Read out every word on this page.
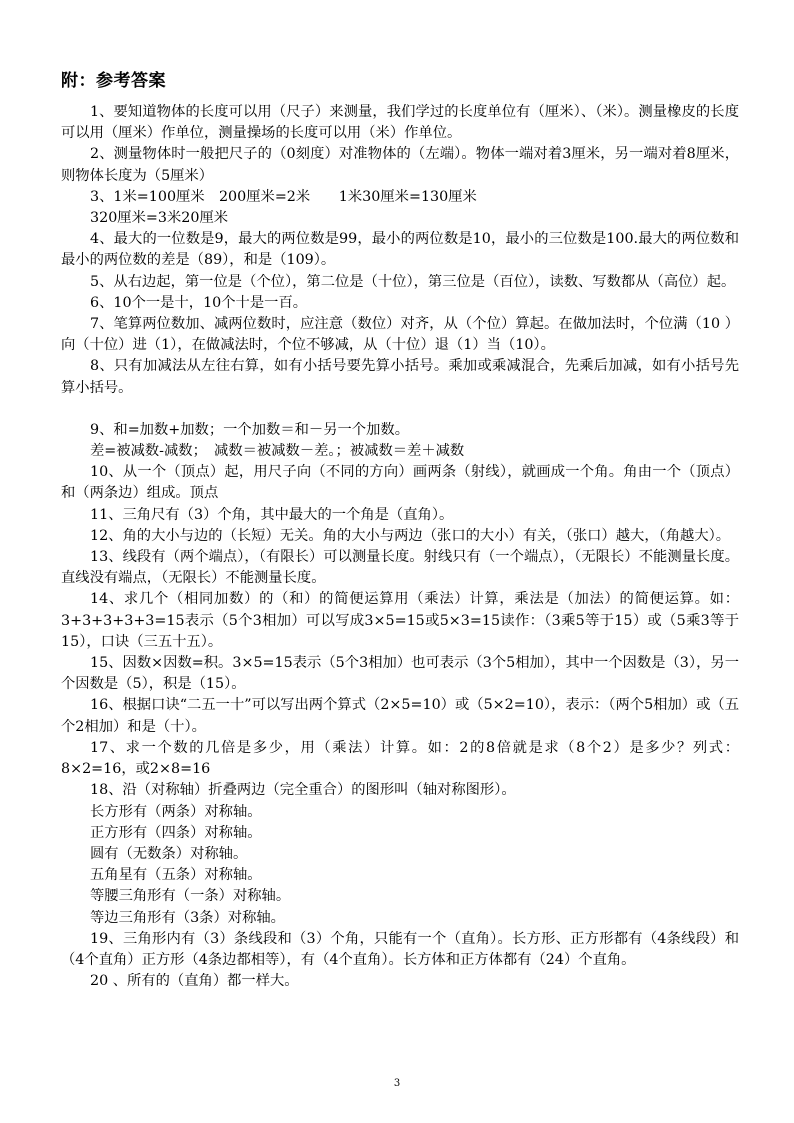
附：参考答案

1、要知道物体的长度可以用（尺子）来测量，我们学过的长度单位有（厘米）、（米）。测量橡皮的长度可以用（厘米）作单位，测量操场的长度可以用（米）作单位。

2、测量物体时一般把尺子的（0刻度）对准物体的（左端）。物体一端对着3厘米，另一端对着8厘米，则物体长度为（5厘米）

3、1米=100厘米　200厘米=2米　　1米30厘米=130厘米

320厘米=3米20厘米

4、最大的一位数是9，最大的两位数是99，最小的两位数是10，最小的三位数是100.最大的两位数和最小的两位数的差是（89），和是（109）。

5、从右边起，第一位是（个位），第二位是（十位），第三位是（百位），读数、写数都从（高位）起。

6、10个一是十，10个十是一百。

7、笔算两位数加、减两位数时，应注意（数位）对齐，从（个位）算起。在做加法时，个位满（10 ）向（十位）进（1），在做减法时，个位不够减，从（十位）退（1）当（10）。

8、只有加减法从左往右算，如有小括号要先算小括号。乘加或乘减混合，先乘后加减，如有小括号先算小括号。

9、和=加数+加数；一个加数＝和－另一个加数。

差=被减数-减数；　减数＝被减数－差。；被减数＝差＋减数

10、从一个（顶点）起，用尺子向（不同的方向）画两条（射线），就画成一个角。角由一个（顶点）和（两条边）组成。顶点

11、三角尺有（3）个角，其中最大的一个角是（直角）。

12、角的大小与边的（长短）无关。角的大小与两边（张口的大小）有关，（张口）越大，（角越大）。

13、线段有（两个端点），（有限长）可以测量长度。射线只有（一个端点），（无限长）不能测量长度。直线没有端点，（无限长）不能测量长度。

14、求几个（相同加数）的（和）的简便运算用（乘法）计算，乘法是（加法）的简便运算。如：3+3+3+3+3=15表示（5个3相加）可以写成3×5=15或5×3=15读作：（3乘5等于15）或（5乘3等于15），口诀（三五十五）。

15、因数×因数=积。3×5=15表示（5个3相加）也可表示（3个5相加），其中一个因数是（3），另一个因数是（5），积是（15）。

16、根据口诀“二五一十”可以写出两个算式（2×5=10）或（5×2=10），表示：（两个5相加）或（五个2相加）和是（十）。

17、求一个数的几倍是多少，用（乘法）计算。如：2的8倍就是求（8个2）是多少？列式：8×2=16，或2×8=16

18、沿（对称轴）折叠两边（完全重合）的图形叫（轴对称图形）。

长方形有（两条）对称轴。

正方形有（四条）对称轴。

圆有（无数条）对称轴。

五角星有（五条）对称轴。

等腰三角形有（一条）对称轴。

等边三角形有（3条）对称轴。

19、三角形内有（3）条线段和（3）个角，只能有一个（直角）。长方形、正方形都有（4条线段）和（4个直角）正方形（4条边都相等），有（4个直角）。长方体和正方体都有（24）个直角。

20 、所有的（直角）都一样大。

3
